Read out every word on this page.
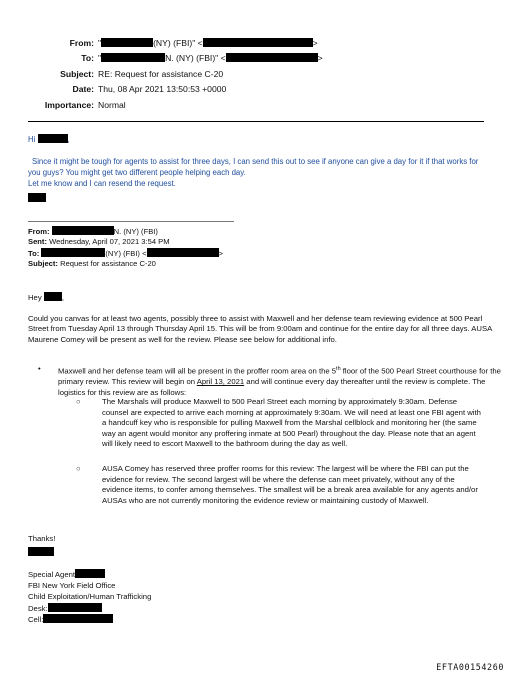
From: "	(NY) (FBI)" <	>
To: "	N. (NY) (FBI)" <	>
Subject: RE: Request for assistance C-20
Date: Thu, 08 Apr 2021 13:50:53 +0000
Importance: Normal

Hi	,

Since it might be tough for agents to assist for three days, I can send this out to see if anyone can give a day for it if that works for you guys? You might get two different people helping each day.

Let me know and I can resend the request.

From:	N. (NY) (FBI)
Sent: Wednesday, April 07, 2021 3:54 PM
To:	(NY) (FBI) <	>
Subject: Request for assistance C-20

Hey	,

Could you canvas for at least two agents, possibly three to assist with Maxwell and her defense team reviewing evidence at 500 Pearl Street from Tuesday April 13 through Thursday April 15. This will be from 9:00am and continue for the entire day for all three days. AUSA Maurene Comey will be present as well for the review. Please see below for additional info.

• Maxwell and her defense team will all be present in the proffer room area on the 5th floor of the 500 Pearl Street courthouse for the primary review. This review will begin on April 13, 2021 and will continue every day thereafter until the review is complete. The logistics for this review are as follows:
○	The Marshals will produce Maxwell to 500 Pearl Street each morning by approximately 9:30am. Defense counsel are expected to arrive each morning at approximately 9:30am. We will need at least one FBI agent with a handcuff key who is responsible for pulling Maxwell from the Marshal cellblock and monitoring her (the same way an agent would monitor any proffering inmate at 500 Pearl) throughout the day. Please note that an agent will likely need to escort Maxwell to the bathroom during the day as well.
○	AUSA Comey has reserved three proffer rooms for this review: The largest will be where the FBI can put the evidence for review. The second largest will be where the defense can meet privately, without any of the evidence items, to confer among themselves. The smallest will be a break area available for any agents and/or AUSAs who are not currently monitoring the evidence review or maintaining custody of Maxwell.
Thanks!
Special Agent
FBI New York Field Office
Child Exploitation/Human Trafficking
Desk:
Cell:
EFTA00154260
